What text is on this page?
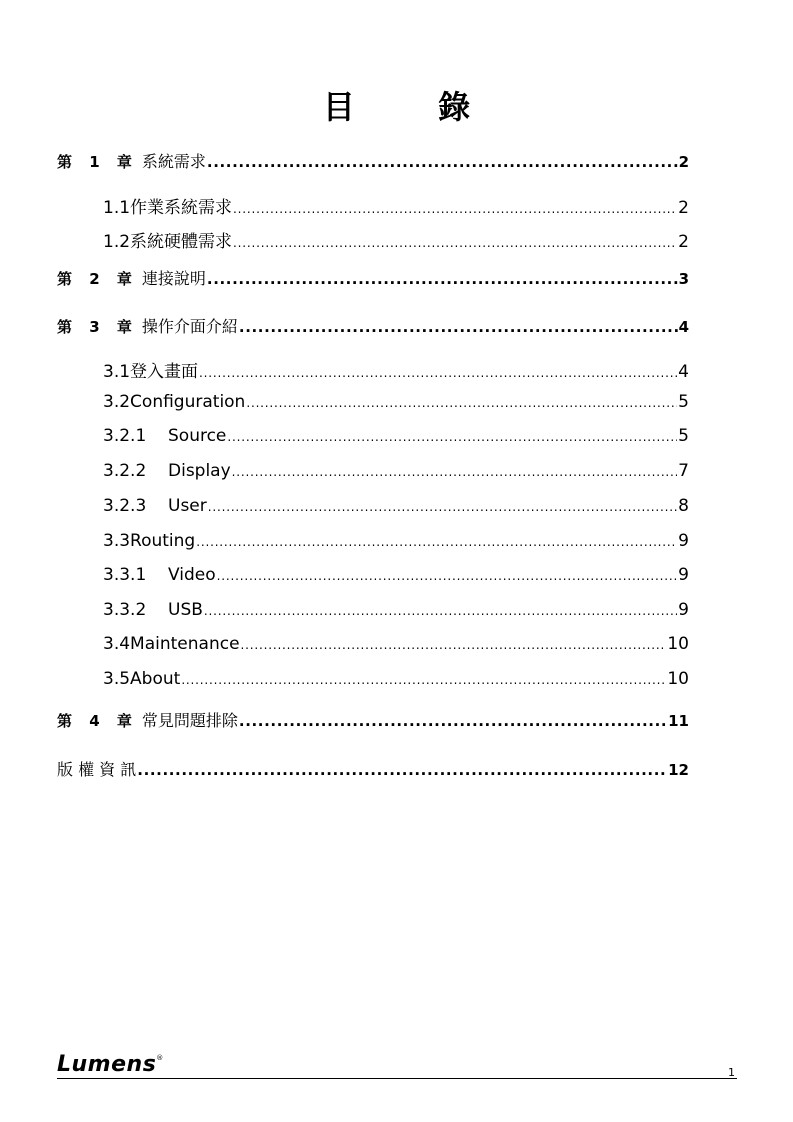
目 錄
第 1 章 系統需求 .....	2
1.1 作業系統需求 .....	2
1.2 系統硬體需求 .....	2
第 2 章 連接說明 .....	3
第 3 章 操作介面介紹 .....	4
3.1 登入畫面 .....	4
3.2 Configuration .....	5
3.2.1	Source .....	5
3.2.2	Display .....	7
3.2.3	User .....	8
3.3 Routing .....	9
3.3.1	Video .....	9
3.3.2	USB .....	9
3.4 Maintenance .....	10
3.5 About .....	10
第 4 章 常見問題排除 .....	11
版 權 資 訊 .....	12
Lumens®
1
